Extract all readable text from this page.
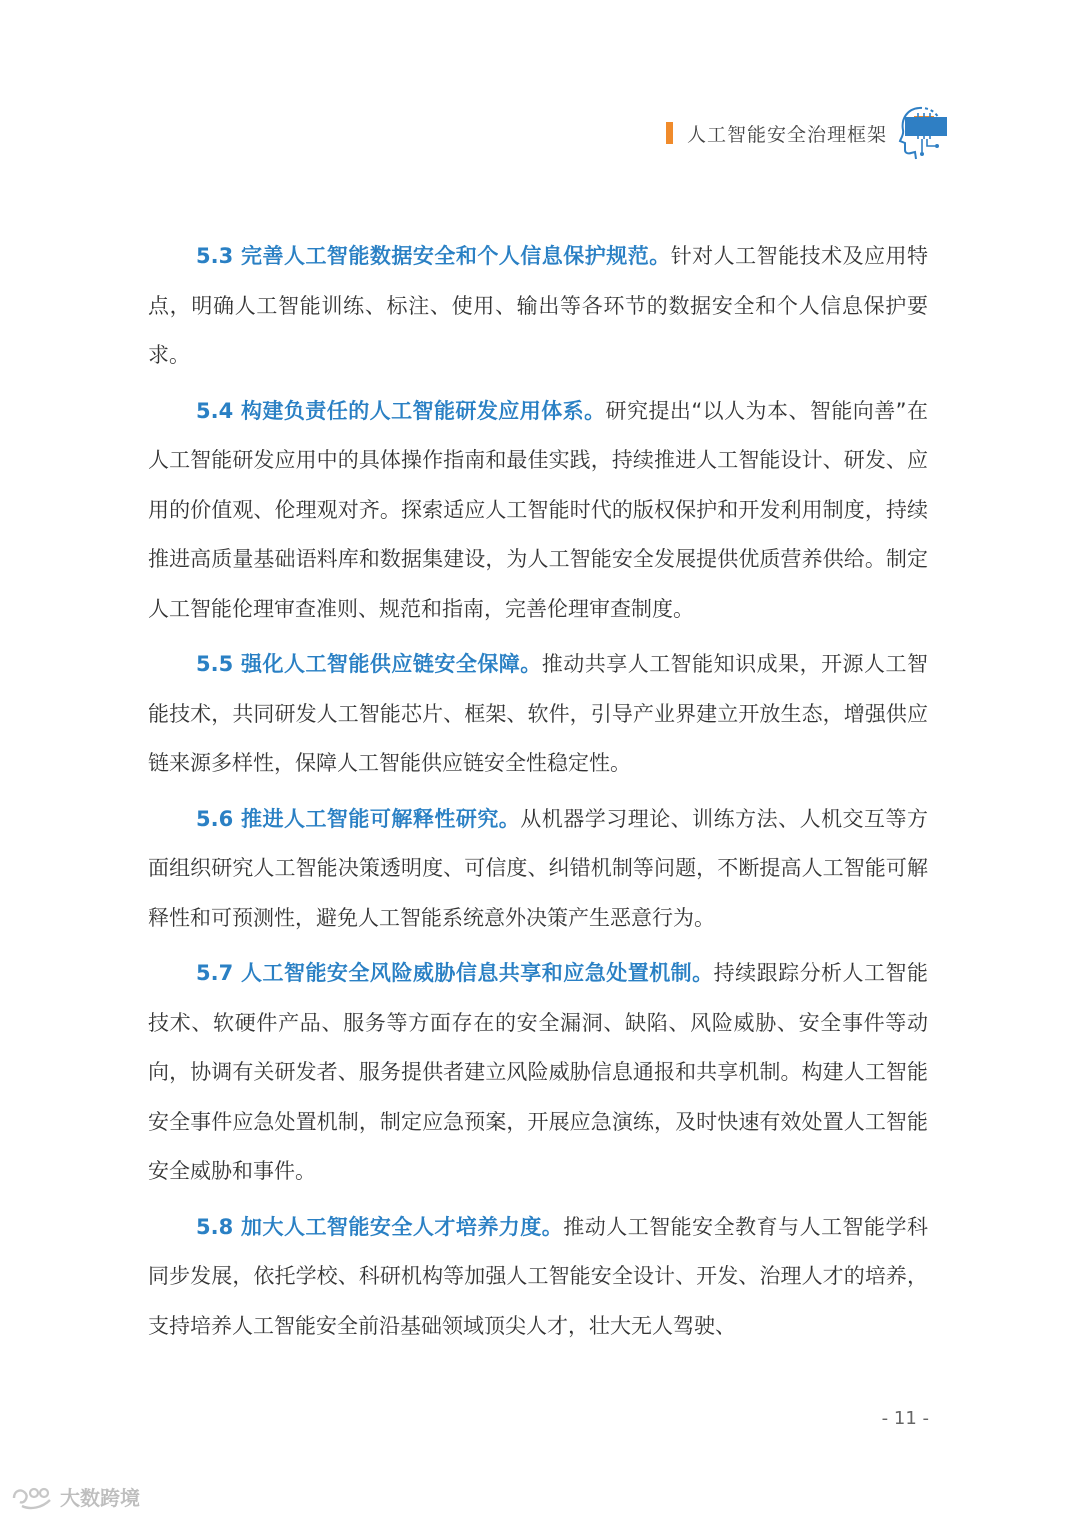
人工智能安全治理框架

5.3 完善人工智能数据安全和个人信息保护规范。针对人工智能技术及应用特点，明确人工智能训练、标注、使用、输出等各环节的数据安全和个人信息保护要求。

5.4 构建负责任的人工智能研发应用体系。研究提出“以人为本、智能向善”在人工智能研发应用中的具体操作指南和最佳实践，持续推进人工智能设计、研发、应用的价值观、伦理观对齐。探索适应人工智能时代的版权保护和开发利用制度，持续推进高质量基础语料库和数据集建设，为人工智能安全发展提供优质营养供给。制定人工智能伦理审查准则、规范和指南，完善伦理审查制度。

5.5 强化人工智能供应链安全保障。推动共享人工智能知识成果，开源人工智能技术，共同研发人工智能芯片、框架、软件，引导产业界建立开放生态，增强供应链来源多样性，保障人工智能供应链安全性稳定性。

5.6 推进人工智能可解释性研究。从机器学习理论、训练方法、人机交互等方面组织研究人工智能决策透明度、可信度、纠错机制等问题，不断提高人工智能可解释性和可预测性，避免人工智能系统意外决策产生恶意行为。

5.7 人工智能安全风险威胁信息共享和应急处置机制。持续跟踪分析人工智能技术、软硬件产品、服务等方面存在的安全漏洞、缺陷、风险威胁、安全事件等动向，协调有关研发者、服务提供者建立风险威胁信息通报和共享机制。构建人工智能安全事件应急处置机制，制定应急预案，开展应急演练，及时快速有效处置人工智能安全威胁和事件。

5.8 加大人工智能安全人才培养力度。推动人工智能安全教育与人工智能学科同步发展，依托学校、科研机构等加强人工智能安全设计、开发、治理人才的培养，支持培养人工智能安全前沿基础领域顶尖人才，壮大无人驾驶、

- 11 -
大数跨境
